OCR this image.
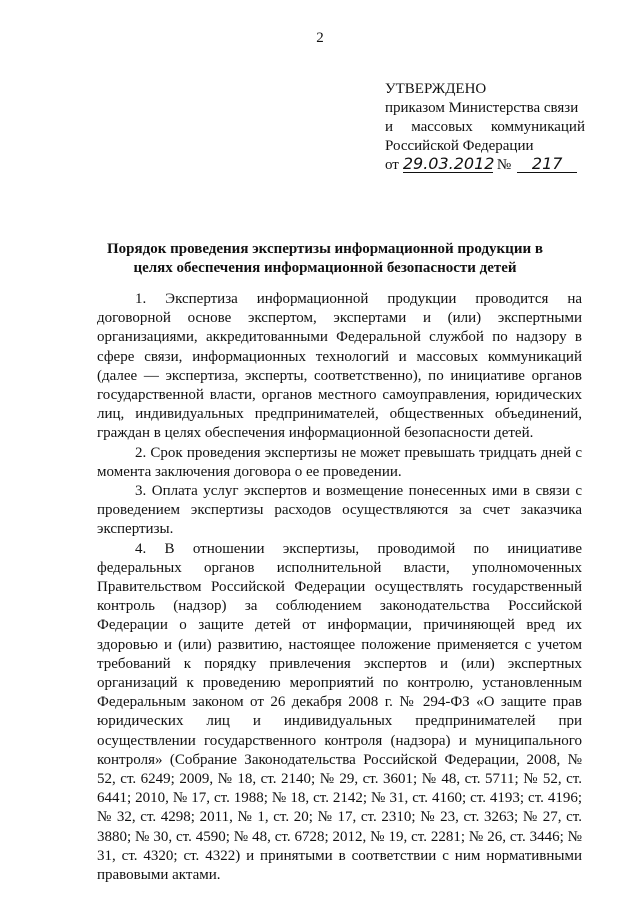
2
УТВЕРЖДЕНО
приказом Министерства связи
и массовых коммуникаций
Российской Федерации
от 29.03.2012 №	217
Порядок проведения экспертизы информационной продукции в целях обеспечения информационной безопасности детей

1. Экспертиза информационной продукции проводится на договорной основе экспертом, экспертами и (или) экспертными организациями, аккредитованными Федеральной службой по надзору в сфере связи, информационных технологий и массовых коммуникаций (далее — экспертиза, эксперты, соответственно), по инициативе органов государственной власти, органов местного самоуправления, юридических лиц, индивидуальных предпринимателей, общественных объединений, граждан в целях обеспечения информационной безопасности детей.

2. Срок проведения экспертизы не может превышать тридцать дней с момента заключения договора о ее проведении.

3. Оплата услуг экспертов и возмещение понесенных ими в связи с проведением экспертизы расходов осуществляются за счет заказчика экспертизы.

4. В отношении экспертизы, проводимой по инициативе федеральных органов исполнительной власти, уполномоченных Правительством Российской Федерации осуществлять государственный контроль (надзор) за соблюдением законодательства Российской Федерации о защите детей от информации, причиняющей вред их здоровью и (или) развитию, настоящее положение применяется с учетом требований к порядку привлечения экспертов и (или) экспертных организаций к проведению мероприятий по контролю, установленным Федеральным законом от 26 декабря 2008 г. № 294-ФЗ «О защите прав юридических лиц и индивидуальных предпринимателей при осуществлении государственного контроля (надзора) и муниципального контроля» (Собрание Законодательства Российской Федерации, 2008, № 52, ст. 6249; 2009, № 18, ст. 2140; № 29, ст. 3601; № 48, ст. 5711; № 52, ст. 6441; 2010, № 17, ст. 1988; № 18, ст. 2142; № 31, ст. 4160; ст. 4193; ст. 4196; № 32, ст. 4298; 2011, № 1, ст. 20; № 17, ст. 2310; № 23, ст. 3263; № 27, ст. 3880; № 30, ст. 4590; № 48, ст. 6728; 2012, № 19, ст. 2281; № 26, ст. 3446; № 31, ст. 4320; ст. 4322) и принятыми в соответствии с ним нормативными правовыми актами.
